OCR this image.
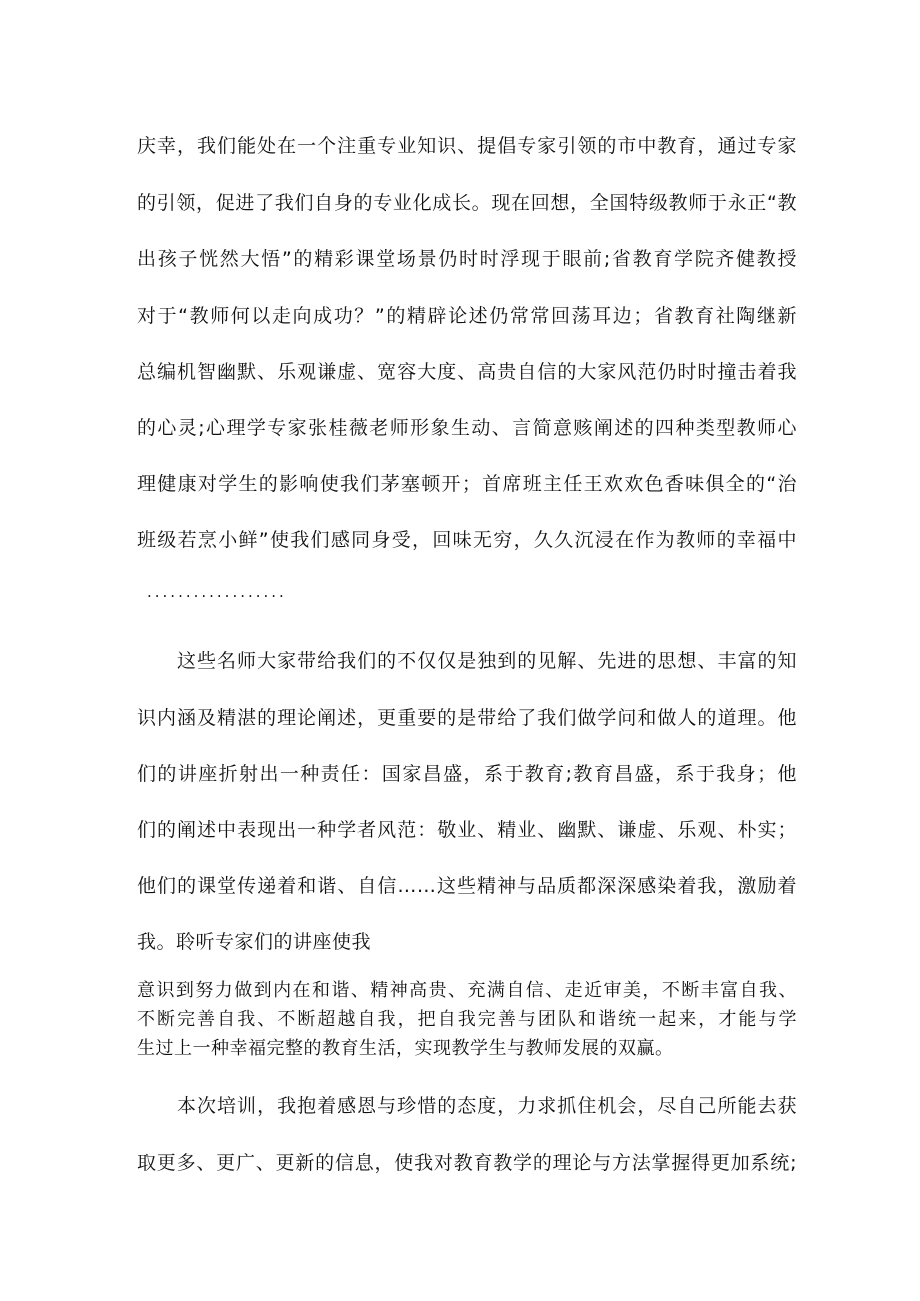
庆幸，我们能处在一个注重专业知识、提倡专家引领的市中教育，通过专家
的引领，促进了我们自身的专业化成长。现在回想，全国特级教师于永正“教
出孩子恍然大悟”的精彩课堂场景仍时时浮现于眼前;省教育学院齐健教授
对于“教师何以走向成功？”的精辟论述仍常常回荡耳边；省教育社陶继新
总编机智幽默、乐观谦虚、宽容大度、高贵自信的大家风范仍时时撞击着我
的心灵;心理学专家张桂薇老师形象生动、言简意赅阐述的四种类型教师心
理健康对学生的影响使我们茅塞顿开；首席班主任王欢欢色香味俱全的“治
班级若烹小鲜”使我们感同身受，回味无穷，久久沉浸在作为教师的幸福中
..................
这些名师大家带给我们的不仅仅是独到的见解、先进的思想、丰富的知
识内涵及精湛的理论阐述，更重要的是带给了我们做学问和做人的道理。他
们的讲座折射出一种责任：国家昌盛，系于教育;教育昌盛，系于我身；他
们的阐述中表现出一种学者风范：敬业、精业、幽默、谦虚、乐观、朴实；
他们的课堂传递着和谐、自信……这些精神与品质都深深感染着我，激励着
我。聆听专家们的讲座使我
意识到努力做到内在和谐、精神高贵、充满自信、走近审美，不断丰富自我、
不断完善自我、不断超越自我，把自我完善与团队和谐统一起来，才能与学
生过上一种幸福完整的教育生活，实现教学生与教师发展的双赢。
本次培训，我抱着感恩与珍惜的态度，力求抓住机会，尽自己所能去获
取更多、更广、更新的信息，使我对教育教学的理论与方法掌握得更加系统;
